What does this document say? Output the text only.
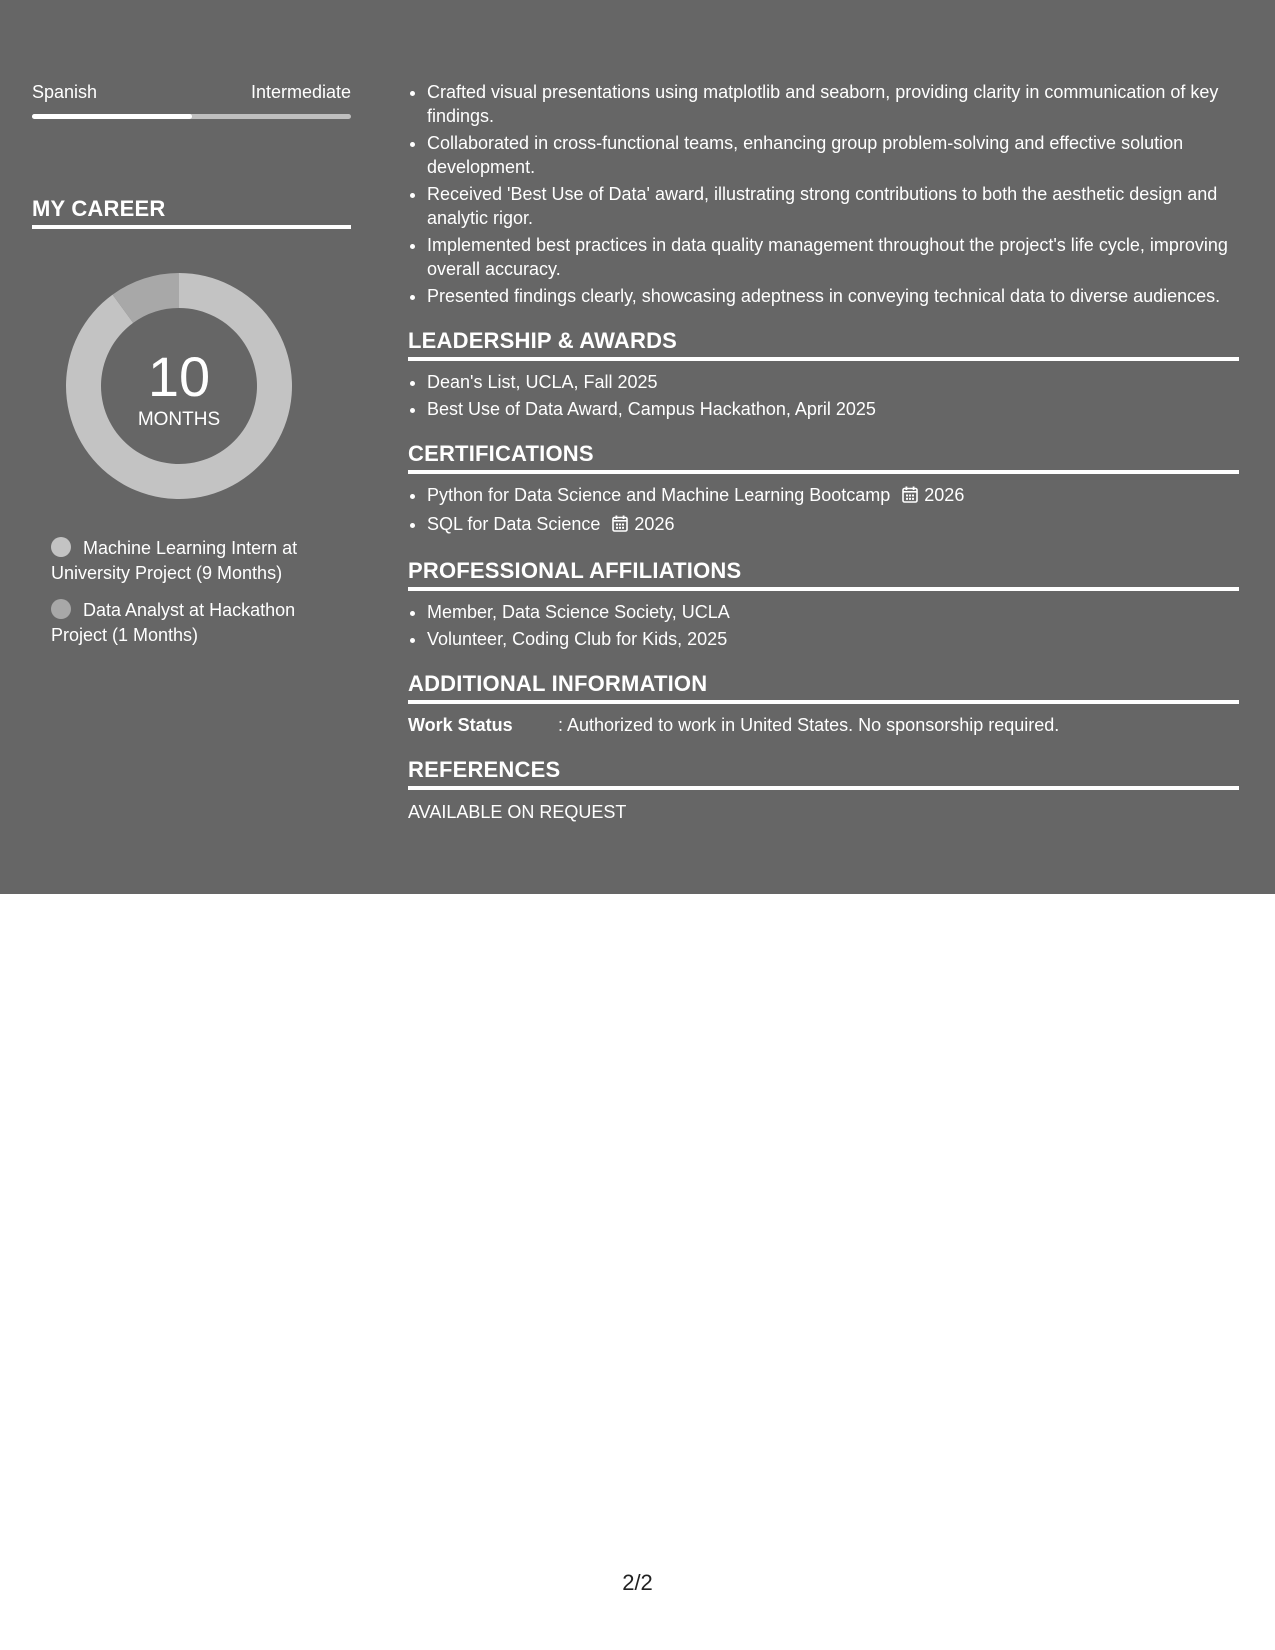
Spanish	Intermediate
MY CAREER
10
MONTHS
Machine Learning Intern at University Project (9 Months)
Data Analyst at Hackathon Project (1 Months)
• Crafted visual presentations using matplotlib and seaborn, providing clarity in communication of key findings.
• Collaborated in cross-functional teams, enhancing group problem-solving and effective solution development.
• Received 'Best Use of Data' award, illustrating strong contributions to both the aesthetic design and analytic rigor.
• Implemented best practices in data quality management throughout the project's life cycle, improving overall accuracy.
• Presented findings clearly, showcasing adeptness in conveying technical data to diverse audiences.
LEADERSHIP & AWARDS
• Dean's List, UCLA, Fall 2025
• Best Use of Data Award, Campus Hackathon, April 2025
CERTIFICATIONS
• Python for Data Science and Machine Learning Bootcamp 2026
• SQL for Data Science 2026
PROFESSIONAL AFFILIATIONS
• Member, Data Science Society, UCLA
• Volunteer, Coding Club for Kids, 2025
ADDITIONAL INFORMATION
Work Status	: Authorized to work in United States. No sponsorship required.
REFERENCES
AVAILABLE ON REQUEST
2/2
